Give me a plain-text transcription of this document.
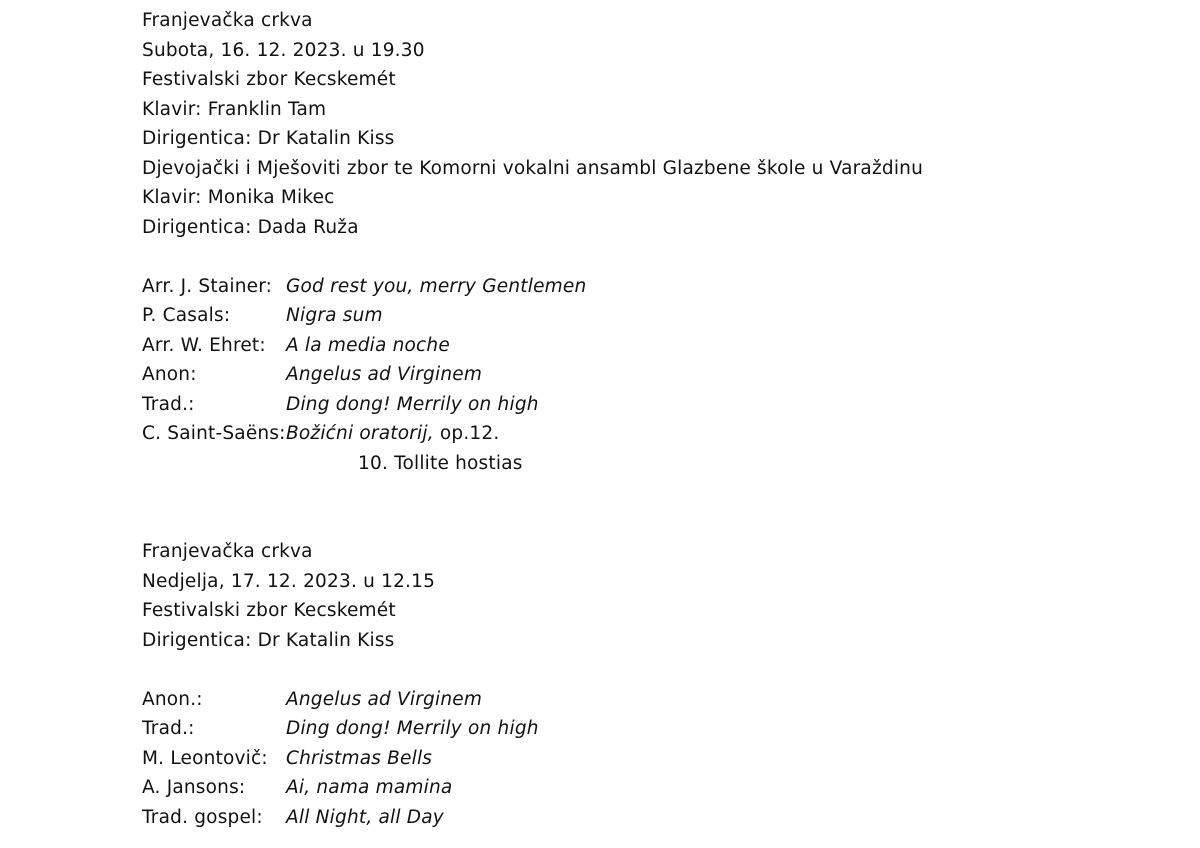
Franjevačka crkva
Subota, 16. 12. 2023. u 19.30
Festivalski zbor Kecskemét
Klavir: Franklin Tam
Dirigentica: Dr Katalin Kiss
Djevojački i Mješoviti zbor te Komorni vokalni ansambl Glazbene škole u Varaždinu
Klavir: Monika Mikec
Dirigentica: Dada Ruža
Arr. J. Stainer: God rest you, merry Gentlemen
P. Casals:	Nigra sum
Arr. W. Ehret:	A la media noche
Anon:	Angelus ad Virginem
Trad.:	Ding dong! Merrily on high
C. Saint-Saëns: Božićni oratorij, op.12.
10. Tollite hostias
Franjevačka crkva
Nedjelja, 17. 12. 2023. u 12.15
Festivalski zbor Kecskemét
Dirigentica: Dr Katalin Kiss
Anon.:	Angelus ad Virginem
Trad.:	Ding dong! Merrily on high
M. Leontovič: Christmas Bells
A. Jansons:	Ai, nama mamina
Trad. gospel:	All Night, all Day
